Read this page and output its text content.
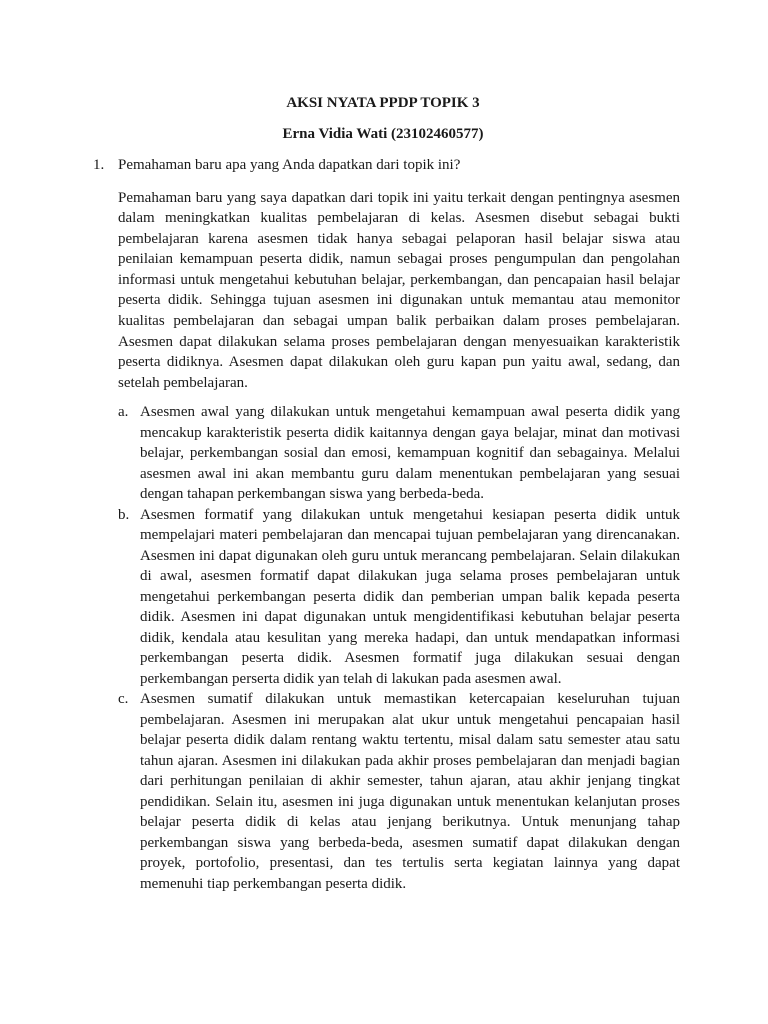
AKSI NYATA PPDP TOPIK 3
Erna Vidia Wati (23102460577)
1. Pemahaman baru apa yang Anda dapatkan dari topik ini?

Pemahaman baru yang saya dapatkan dari topik ini yaitu terkait dengan pentingnya asesmen dalam meningkatkan kualitas pembelajaran di kelas. Asesmen disebut sebagai bukti pembelajaran karena asesmen tidak hanya sebagai pelaporan hasil belajar siswa atau penilaian kemampuan peserta didik, namun sebagai proses pengumpulan dan pengolahan informasi untuk mengetahui kebutuhan belajar, perkembangan, dan pencapaian hasil belajar peserta didik. Sehingga tujuan asesmen ini digunakan untuk memantau atau memonitor kualitas pembelajaran dan sebagai umpan balik perbaikan dalam proses pembelajaran. Asesmen dapat dilakukan selama proses pembelajaran dengan menyesuaikan karakteristik peserta didiknya. Asesmen dapat dilakukan oleh guru kapan pun yaitu awal, sedang, dan setelah pembelajaran.

a. Asesmen awal yang dilakukan untuk mengetahui kemampuan awal peserta didik yang mencakup karakteristik peserta didik kaitannya dengan gaya belajar, minat dan motivasi belajar, perkembangan sosial dan emosi, kemampuan kognitif dan sebagainya. Melalui asesmen awal ini akan membantu guru dalam menentukan pembelajaran yang sesuai dengan tahapan perkembangan siswa yang berbeda-beda.
b. Asesmen formatif yang dilakukan untuk mengetahui kesiapan peserta didik untuk mempelajari materi pembelajaran dan mencapai tujuan pembelajaran yang direncanakan. Asesmen ini dapat digunakan oleh guru untuk merancang pembelajaran. Selain dilakukan di awal, asesmen formatif dapat dilakukan juga selama proses pembelajaran untuk mengetahui perkembangan peserta didik dan pemberian umpan balik kepada peserta didik. Asesmen ini dapat digunakan untuk mengidentifikasi kebutuhan belajar peserta didik, kendala atau kesulitan yang mereka hadapi, dan untuk mendapatkan informasi perkembangan peserta didik. Asesmen formatif juga dilakukan sesuai dengan perkembangan perserta didik yan telah di lakukan pada asesmen awal.
c. Asesmen sumatif dilakukan untuk memastikan ketercapaian keseluruhan tujuan pembelajaran. Asesmen ini merupakan alat ukur untuk mengetahui pencapaian hasil belajar peserta didik dalam rentang waktu tertentu, misal dalam satu semester atau satu tahun ajaran. Asesmen ini dilakukan pada akhir proses pembelajaran dan menjadi bagian dari perhitungan penilaian di akhir semester, tahun ajaran, atau akhir jenjang tingkat pendidikan. Selain itu, asesmen ini juga digunakan untuk menentukan kelanjutan proses belajar peserta didik di kelas atau jenjang berikutnya. Untuk menunjang tahap perkembangan siswa yang berbeda-beda, asesmen sumatif dapat dilakukan dengan proyek, portofolio, presentasi, dan tes tertulis serta kegiatan lainnya yang dapat memenuhi tiap perkembangan peserta didik.
